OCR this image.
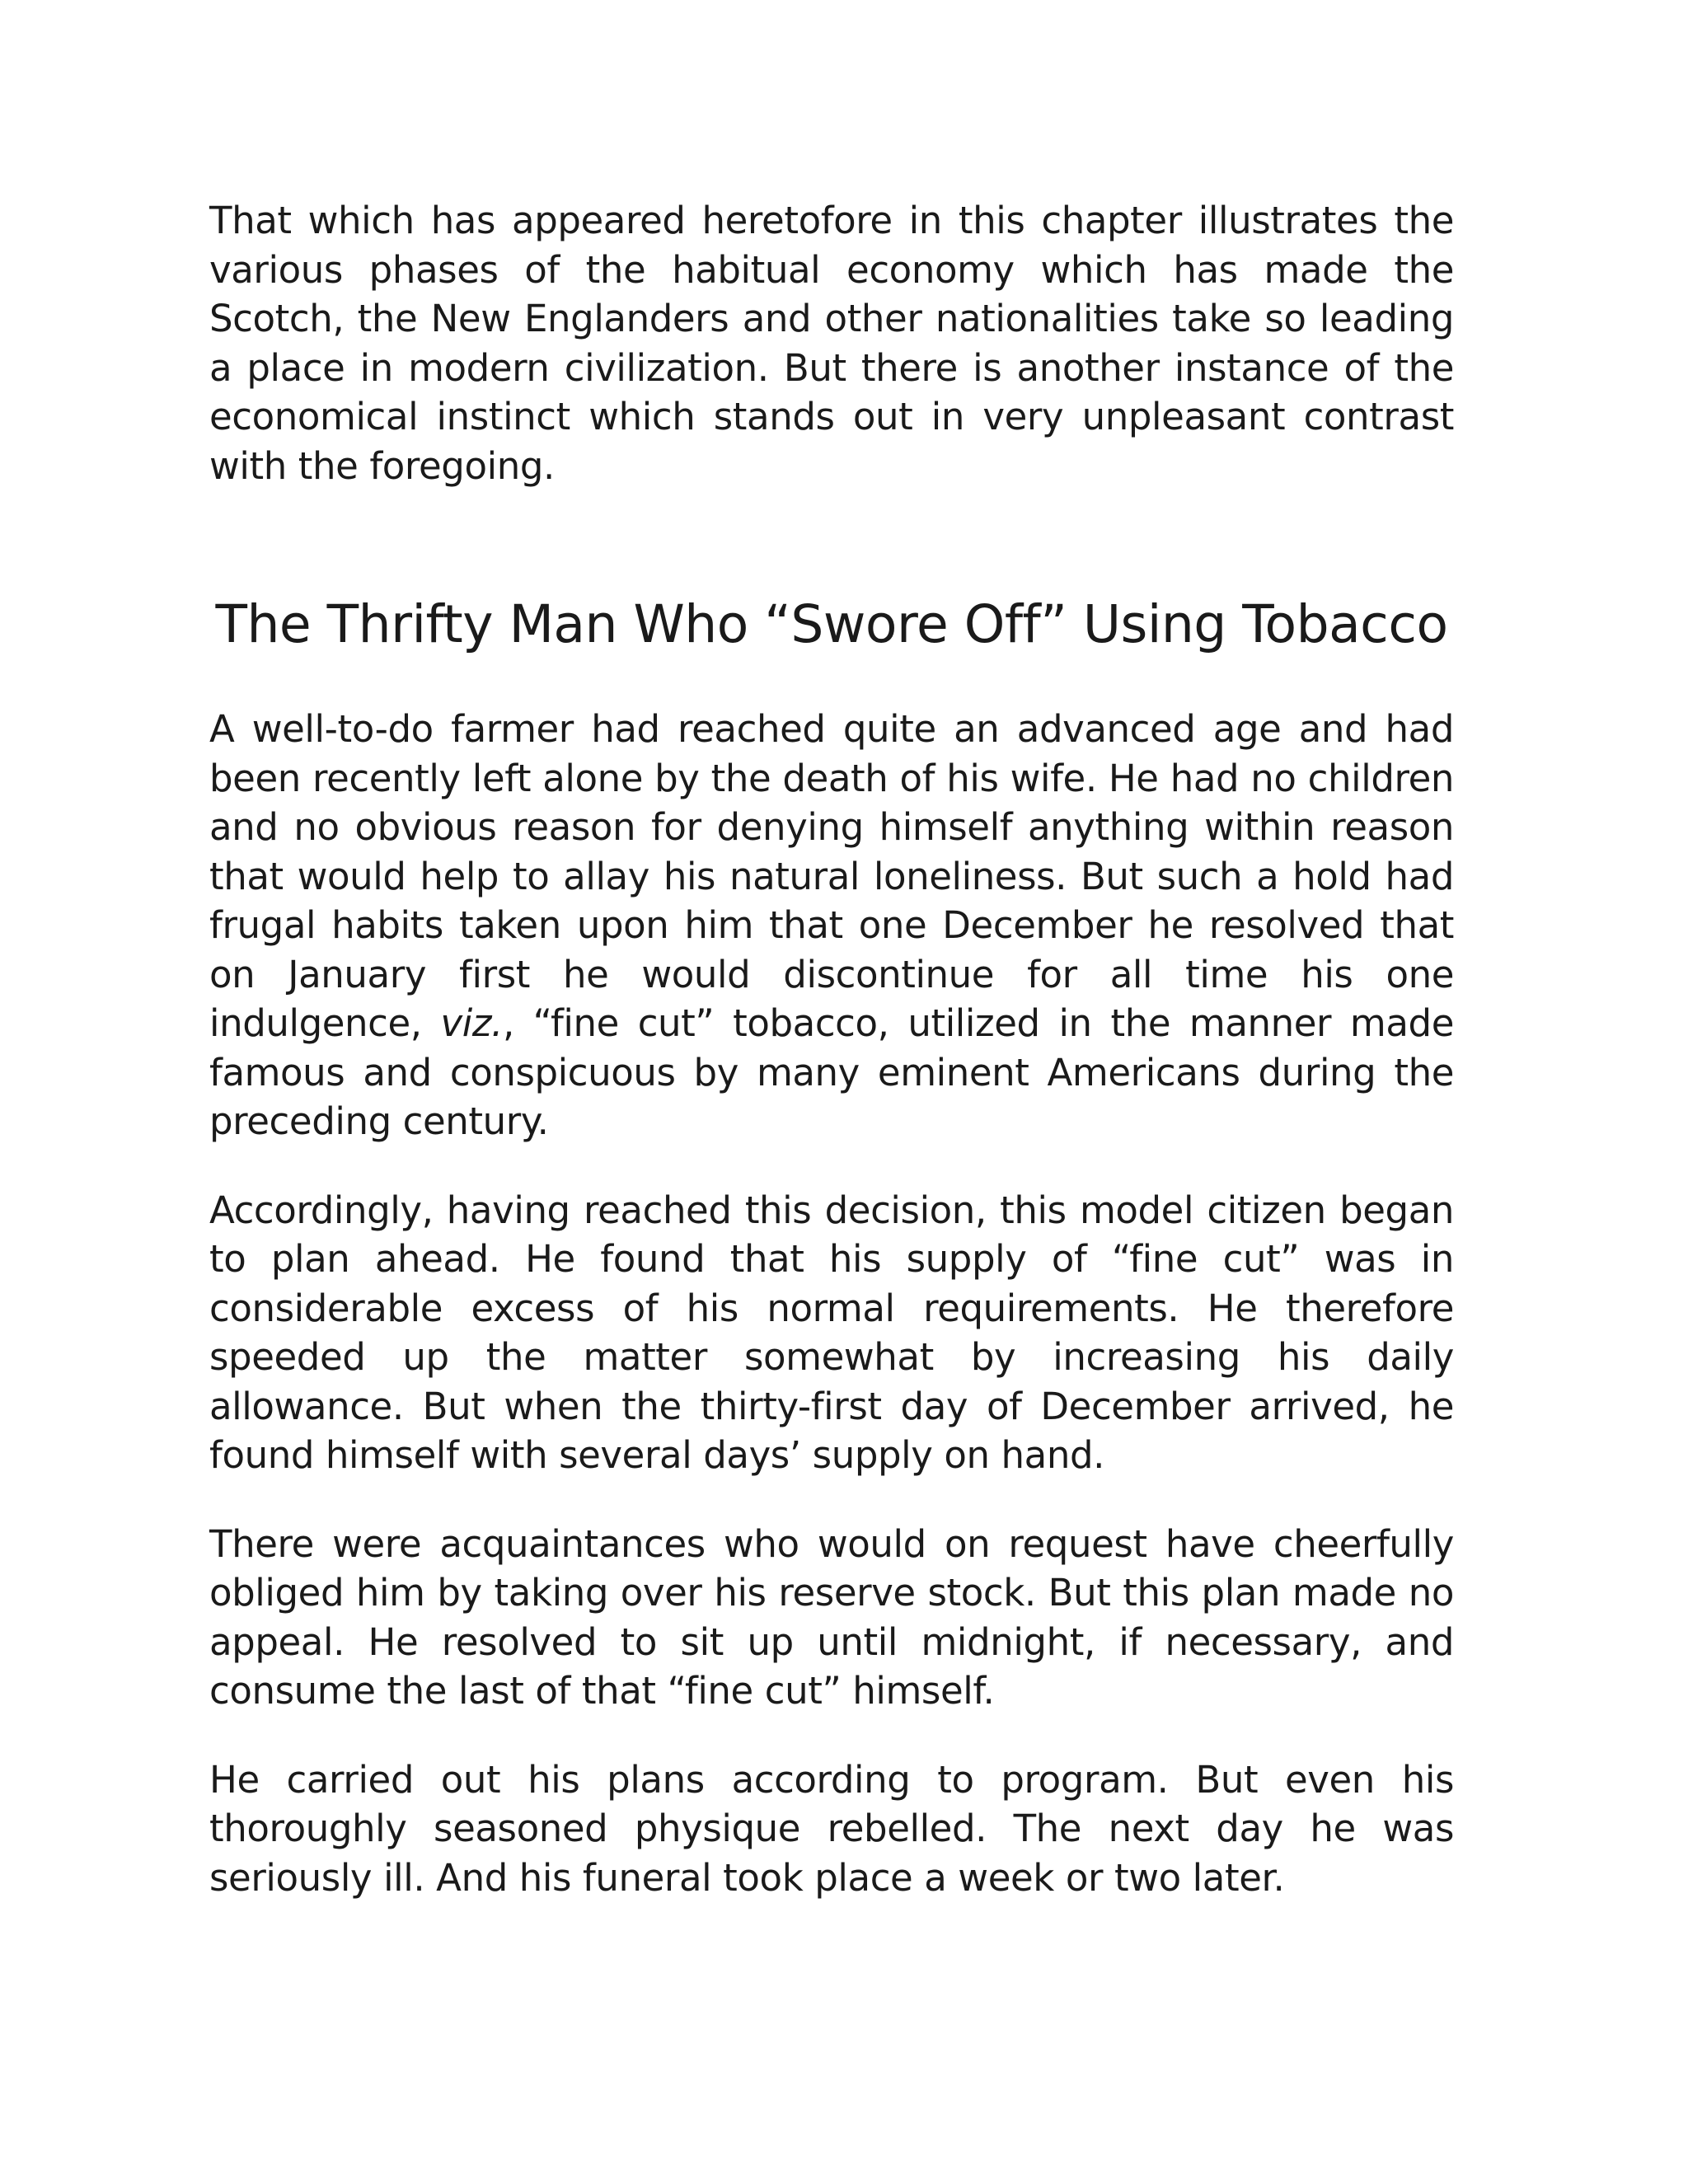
That which has appeared heretofore in this chapter illustrates the various phases of the habitual economy which has made the Scotch, the New Englanders and other nationalities take so leading a place in modern civilization. But there is another instance of the economical instinct which stands out in very unpleasant contrast with the foregoing.

The Thrifty Man Who “Swore Off” Using Tobacco

A well-to-do farmer had reached quite an advanced age and had been recently left alone by the death of his wife. He had no children and no obvious reason for denying himself anything within reason that would help to allay his natural loneliness. But such a hold had frugal habits taken upon him that one December he resolved that on January first he would discontinue for all time his one indulgence, viz., “fine cut” tobacco, utilized in the manner made famous and conspicuous by many eminent Americans during the preceding century.

Accordingly, having reached this decision, this model citizen began to plan ahead. He found that his supply of “fine cut” was in considerable excess of his normal requirements. He therefore speeded up the matter somewhat by increasing his daily allowance. But when the thirty-first day of December arrived, he found himself with several days’ supply on hand.

There were acquaintances who would on request have cheerfully obliged him by taking over his reserve stock. But this plan made no appeal. He resolved to sit up until midnight, if necessary, and consume the last of that “fine cut” himself.

He carried out his plans according to program. But even his thoroughly seasoned physique rebelled. The next day he was seriously ill. And his funeral took place a week or two later.
